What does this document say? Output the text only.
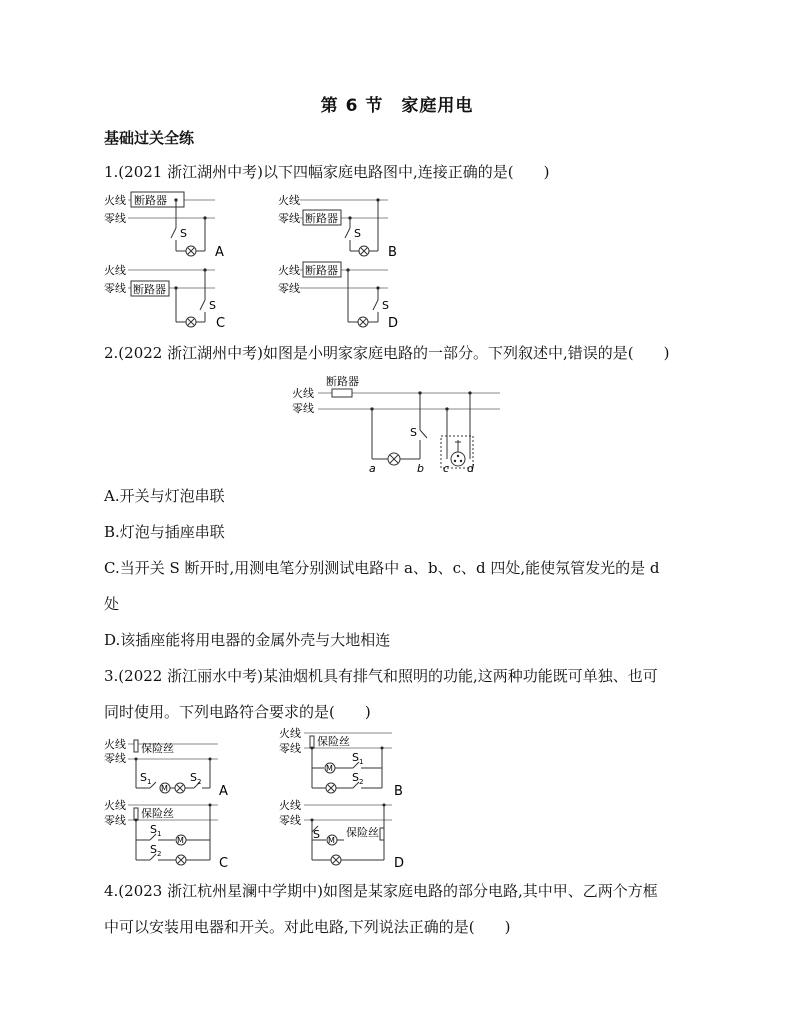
第 6 节　家庭用电
基础过关全练
1.(2021 浙江湖州中考)以下四幅家庭电路图中,连接正确的是(　　)
火线
零线
断路器
S
A
火线
零线 断路器
S
B
火线
零线 断路器
S
C
火线
零线
断路器
S
D
2.(2022 浙江湖州中考)如图是小明家家庭电路的一部分。下列叙述中,错误的是(　　)
火线
零线
断路器
S
a	b c d
A.开关与灯泡串联
B.灯泡与插座串联
C.当开关 S 断开时,用测电笔分别测试电路中 a、b、c、d 四处,能使氖管发光的是 d
处
D.该插座能将用电器的金属外壳与大地相连
3.(2022 浙江丽水中考)某油烟机具有排气和照明的功能,这两种功能既可单独、也可
同时使用。下列电路符合要求的是(　　)
火线
零线
保险丝
S 1
M
S 2
A
火线
零线
保险丝
M
S 1
S 2
B
火线
零线
保险丝
S 1
M
S 2
C
火线
零线
S M
保险丝
D
4.(2023 浙江杭州星澜中学期中)如图是某家庭电路的部分电路,其中甲、乙两个方框
中可以安装用电器和开关。对此电路,下列说法正确的是(　　)
